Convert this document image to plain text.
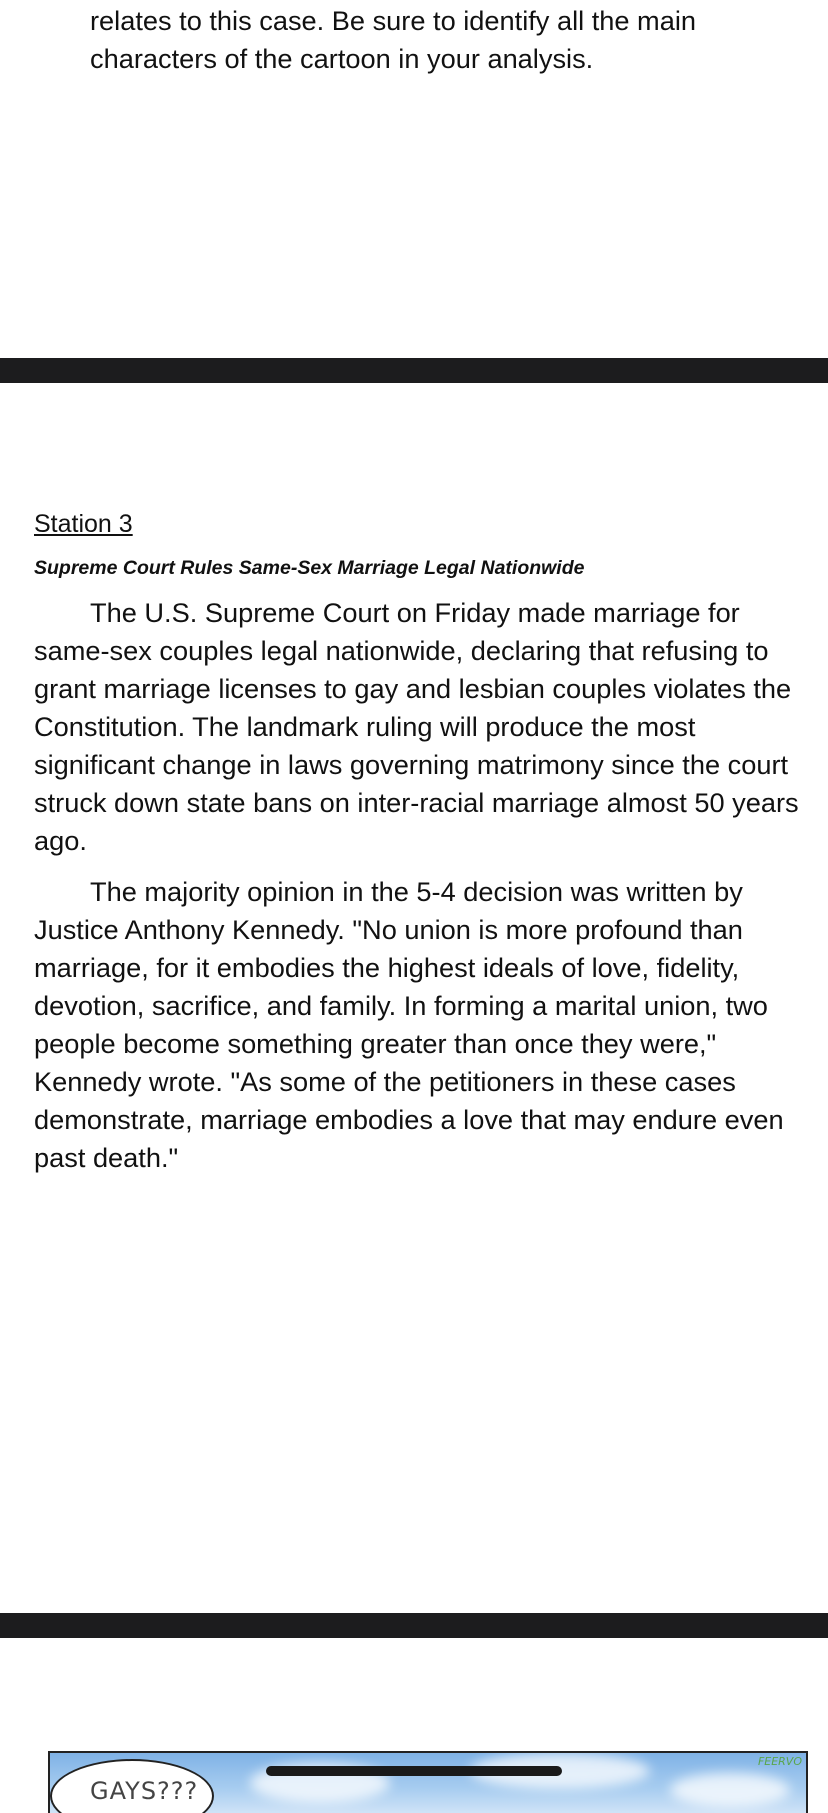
relates to this case. Be sure to identify all the main characters of the cartoon in your analysis.

Station 3

Supreme Court Rules Same-Sex Marriage Legal Nationwide

The U.S. Supreme Court on Friday made marriage for same-sex couples legal nationwide, declaring that refusing to grant marriage licenses to gay and lesbian couples violates the Constitution. The landmark ruling will produce the most significant change in laws governing matrimony since the court struck down state bans on inter-racial marriage almost 50 years ago.

The majority opinion in the 5-4 decision was written by Justice Anthony Kennedy. "No union is more profound than marriage, for it embodies the highest ideals of love, fidelity, devotion, sacrifice, and family. In forming a marital union, two people become something greater than once they were," Kennedy wrote. "As some of the petitioners in these cases demonstrate, marriage embodies a love that may endure even past death."

GAYS???
FEERVO
